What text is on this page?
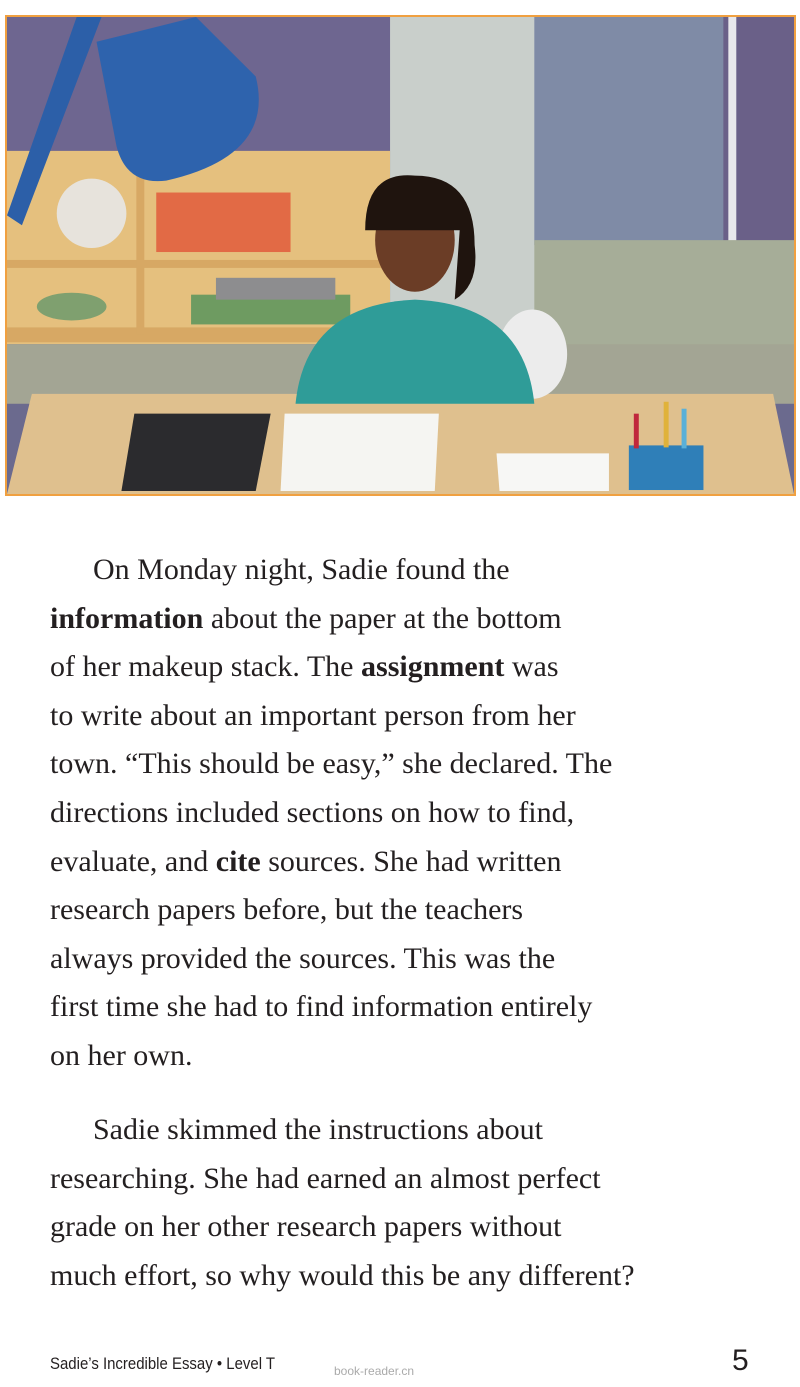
On Monday night, Sadie found the
information about the paper at the bottom
of her makeup stack. The assignment was
to write about an important person from her
town. “This should be easy,” she declared. The
directions included sections on how to find,
evaluate, and cite sources. She had written
research papers before, but the teachers
always provided the sources. This was the
first time she had to find information entirely
on her own.
Sadie skimmed the instructions about
researching. She had earned an almost perfect
grade on her other research papers without
much effort, so why would this be any different?
Sadie’s Incredible Essay • Level T	book-reader.cn	5
